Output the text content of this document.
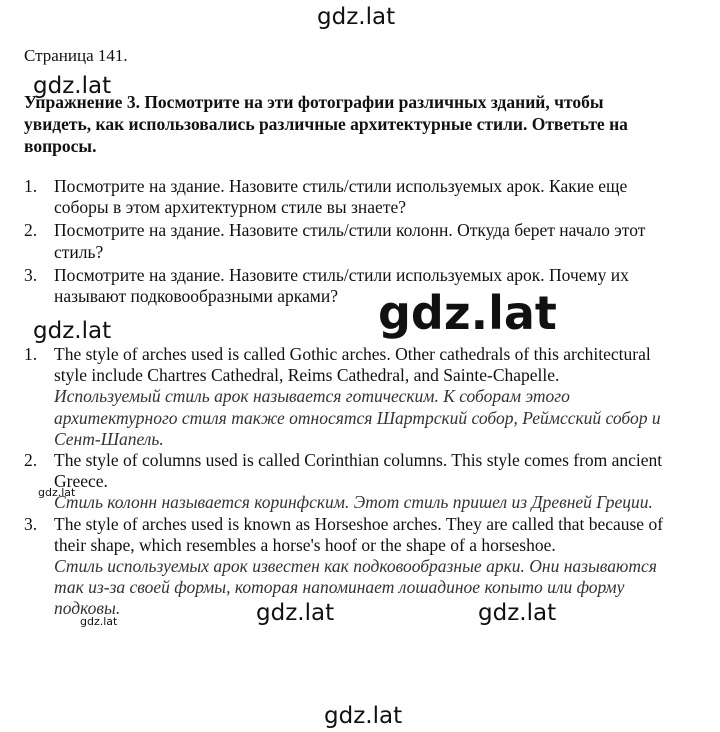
gdz.lat
gdz.lat
gdz.lat
gdz.lat
gdz.lat
gdz.lat	gdz.lat	gdz.lat
gdz.lat
Страница 141.
Упражнение 3. Посмотрите на эти фотографии различных зданий, чтобы увидеть, как использовались различные архитектурные стили. Ответьте на вопросы.
1. Посмотрите на здание. Назовите стиль/стили используемых арок. Какие еще соборы в этом архитектурном стиле вы знаете?
2. Посмотрите на здание. Назовите стиль/стили колонн. Откуда берет начало этот стиль?
3. Посмотрите на здание. Назовите стиль/стили используемых арок. Почему их называют подковообразными арками?
1. The style of arches used is called Gothic arches. Other cathedrals of this architectural style include Chartres Cathedral, Reims Cathedral, and Sainte-Chapelle.
Используемый стиль арок называется готическим. К соборам этого архитектурного стиля также относятся Шартрский собор, Реймсский собор и Сент-Шапель.
2. The style of columns used is called Corinthian columns. This style comes from ancient Greece.
Стиль колонн называется коринфским. Этот стиль пришел из Древней Греции.
3. The style of arches used is known as Horseshoe arches. They are called that because of their shape, which resembles a horse's hoof or the shape of a horseshoe.
Стиль используемых арок известен как подковообразные арки. Они называются так из-за своей формы, которая напоминает лошадиное копыто или форму подковы.
